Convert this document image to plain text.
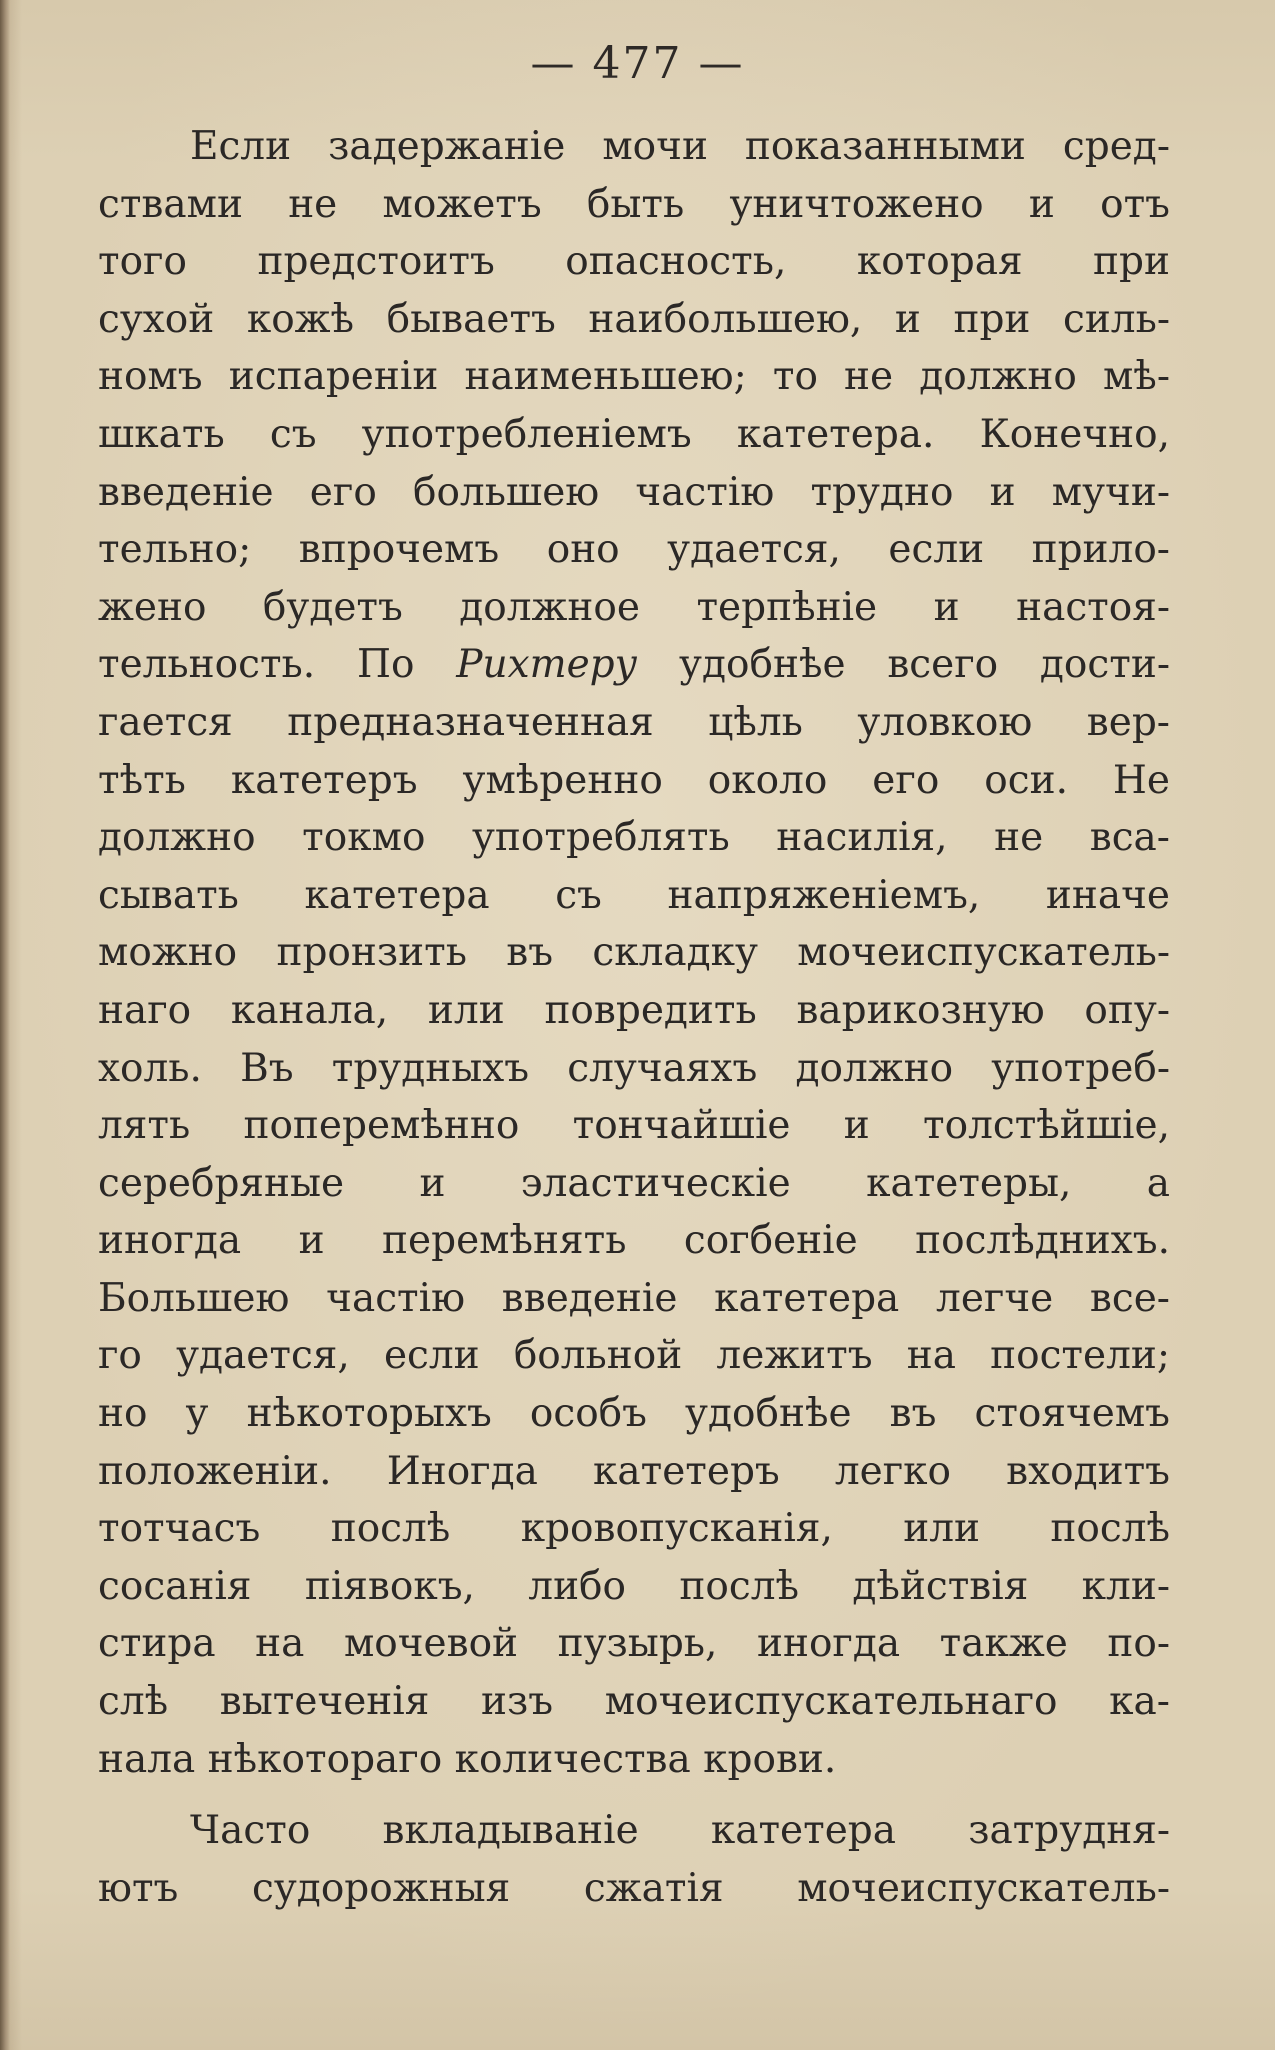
— 477 —
Если задержаніе мочи показанными сред-
ствами не можетъ быть уничтожено и отъ
того предстоитъ опасность, которая при
сухой кожѣ бываетъ наибольшею, и при силь-
номъ испареніи наименьшею; то не должно мѣ-
шкать съ употребленіемъ катетера. Конечно,
введеніе его большею частію трудно и мучи-
тельно; впрочемъ оно удается, если прило-
жено будетъ должное терпѣніе и настоя-
тельность. По Рихтеру удобнѣе всего дости-
гается предназначенная цѣль уловкою вер-
тѣть катетеръ умѣренно около его оси. Не
должно токмо употреблять насилія, не вса-
сывать катетера съ напряженіемъ, иначе
можно пронзить въ складку мочеиспускатель-
наго канала, или повредить варикозную опу-
холь. Въ трудныхъ случаяхъ должно употреб-
лять поперемѣнно тончайшіе и толстѣйшіе,
серебряные и эластическіе катетеры, а
иногда и перемѣнять согбеніе послѣднихъ.
Большею частію введеніе катетера легче все-
го удается, если больной лежитъ на постели;
но у нѣкоторыхъ особъ удобнѣе въ стоячемъ
положеніи. Иногда катетеръ легко входитъ
тотчасъ послѣ кровопусканія, или послѣ
сосанія піявокъ, либо послѣ дѣйствія кли-
стира на мочевой пузырь, иногда также по-
слѣ вытеченія изъ мочеиспускательнаго ка-
нала нѣкотораго количества крови.
Часто вкладываніе катетера затрудня-
ютъ судорожныя сжатія мочеиспускатель-
